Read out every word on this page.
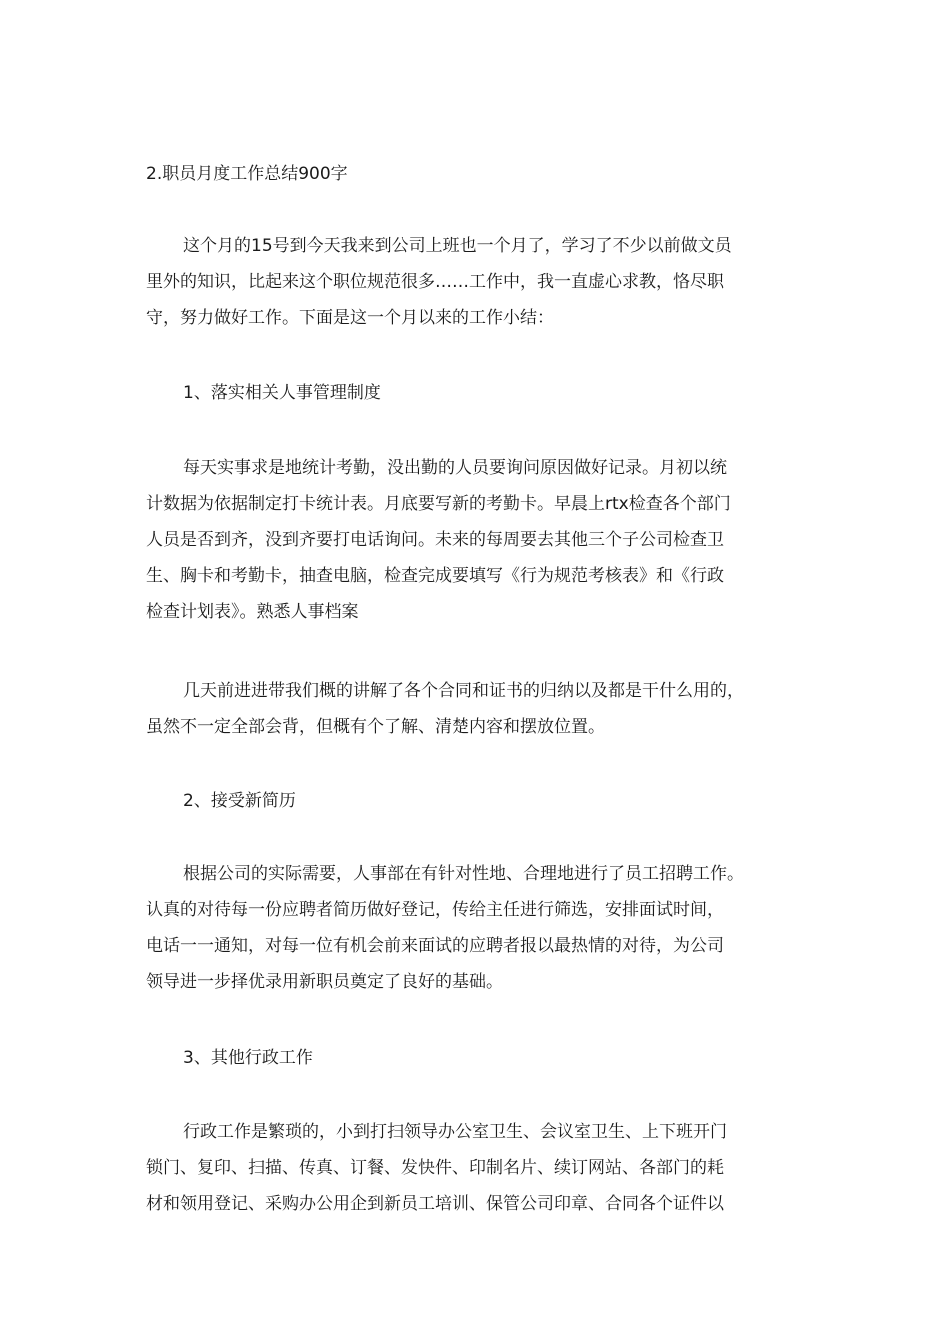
2.职员月度工作总结900字

这个月的15号到今天我来到公司上班也一个月了，学习了不少以前做文员
里外的知识，比起来这个职位规范很多……工作中，我一直虚心求教，恪尽职
守，努力做好工作。下面是这一个月以来的工作小结：

1、落实相关人事管理制度

每天实事求是地统计考勤，没出勤的人员要询问原因做好记录。月初以统
计数据为依据制定打卡统计表。月底要写新的考勤卡。早晨上rtx检查各个部门
人员是否到齐，没到齐要打电话询问。未来的每周要去其他三个子公司检查卫
生、胸卡和考勤卡，抽查电脑，检查完成要填写《行为规范考核表》和《行政
检查计划表》。熟悉人事档案

几天前进进带我们概的讲解了各个合同和证书的归纳以及都是干什么用的，
虽然不一定全部会背，但概有个了解、清楚内容和摆放位置。

2、接受新简历

根据公司的实际需要，人事部在有针对性地、合理地进行了员工招聘工作。
认真的对待每一份应聘者简历做好登记，传给主任进行筛选，安排面试时间，
电话一一通知，对每一位有机会前来面试的应聘者报以最热情的对待，为公司
领导进一步择优录用新职员奠定了良好的基础。

3、其他行政工作

行政工作是繁琐的，小到打扫领导办公室卫生、会议室卫生、上下班开门
锁门、复印、扫描、传真、订餐、发快件、印制名片、续订网站、各部门的耗
材和领用登记、采购办公用企到新员工培训、保管公司印章、合同各个证件以
